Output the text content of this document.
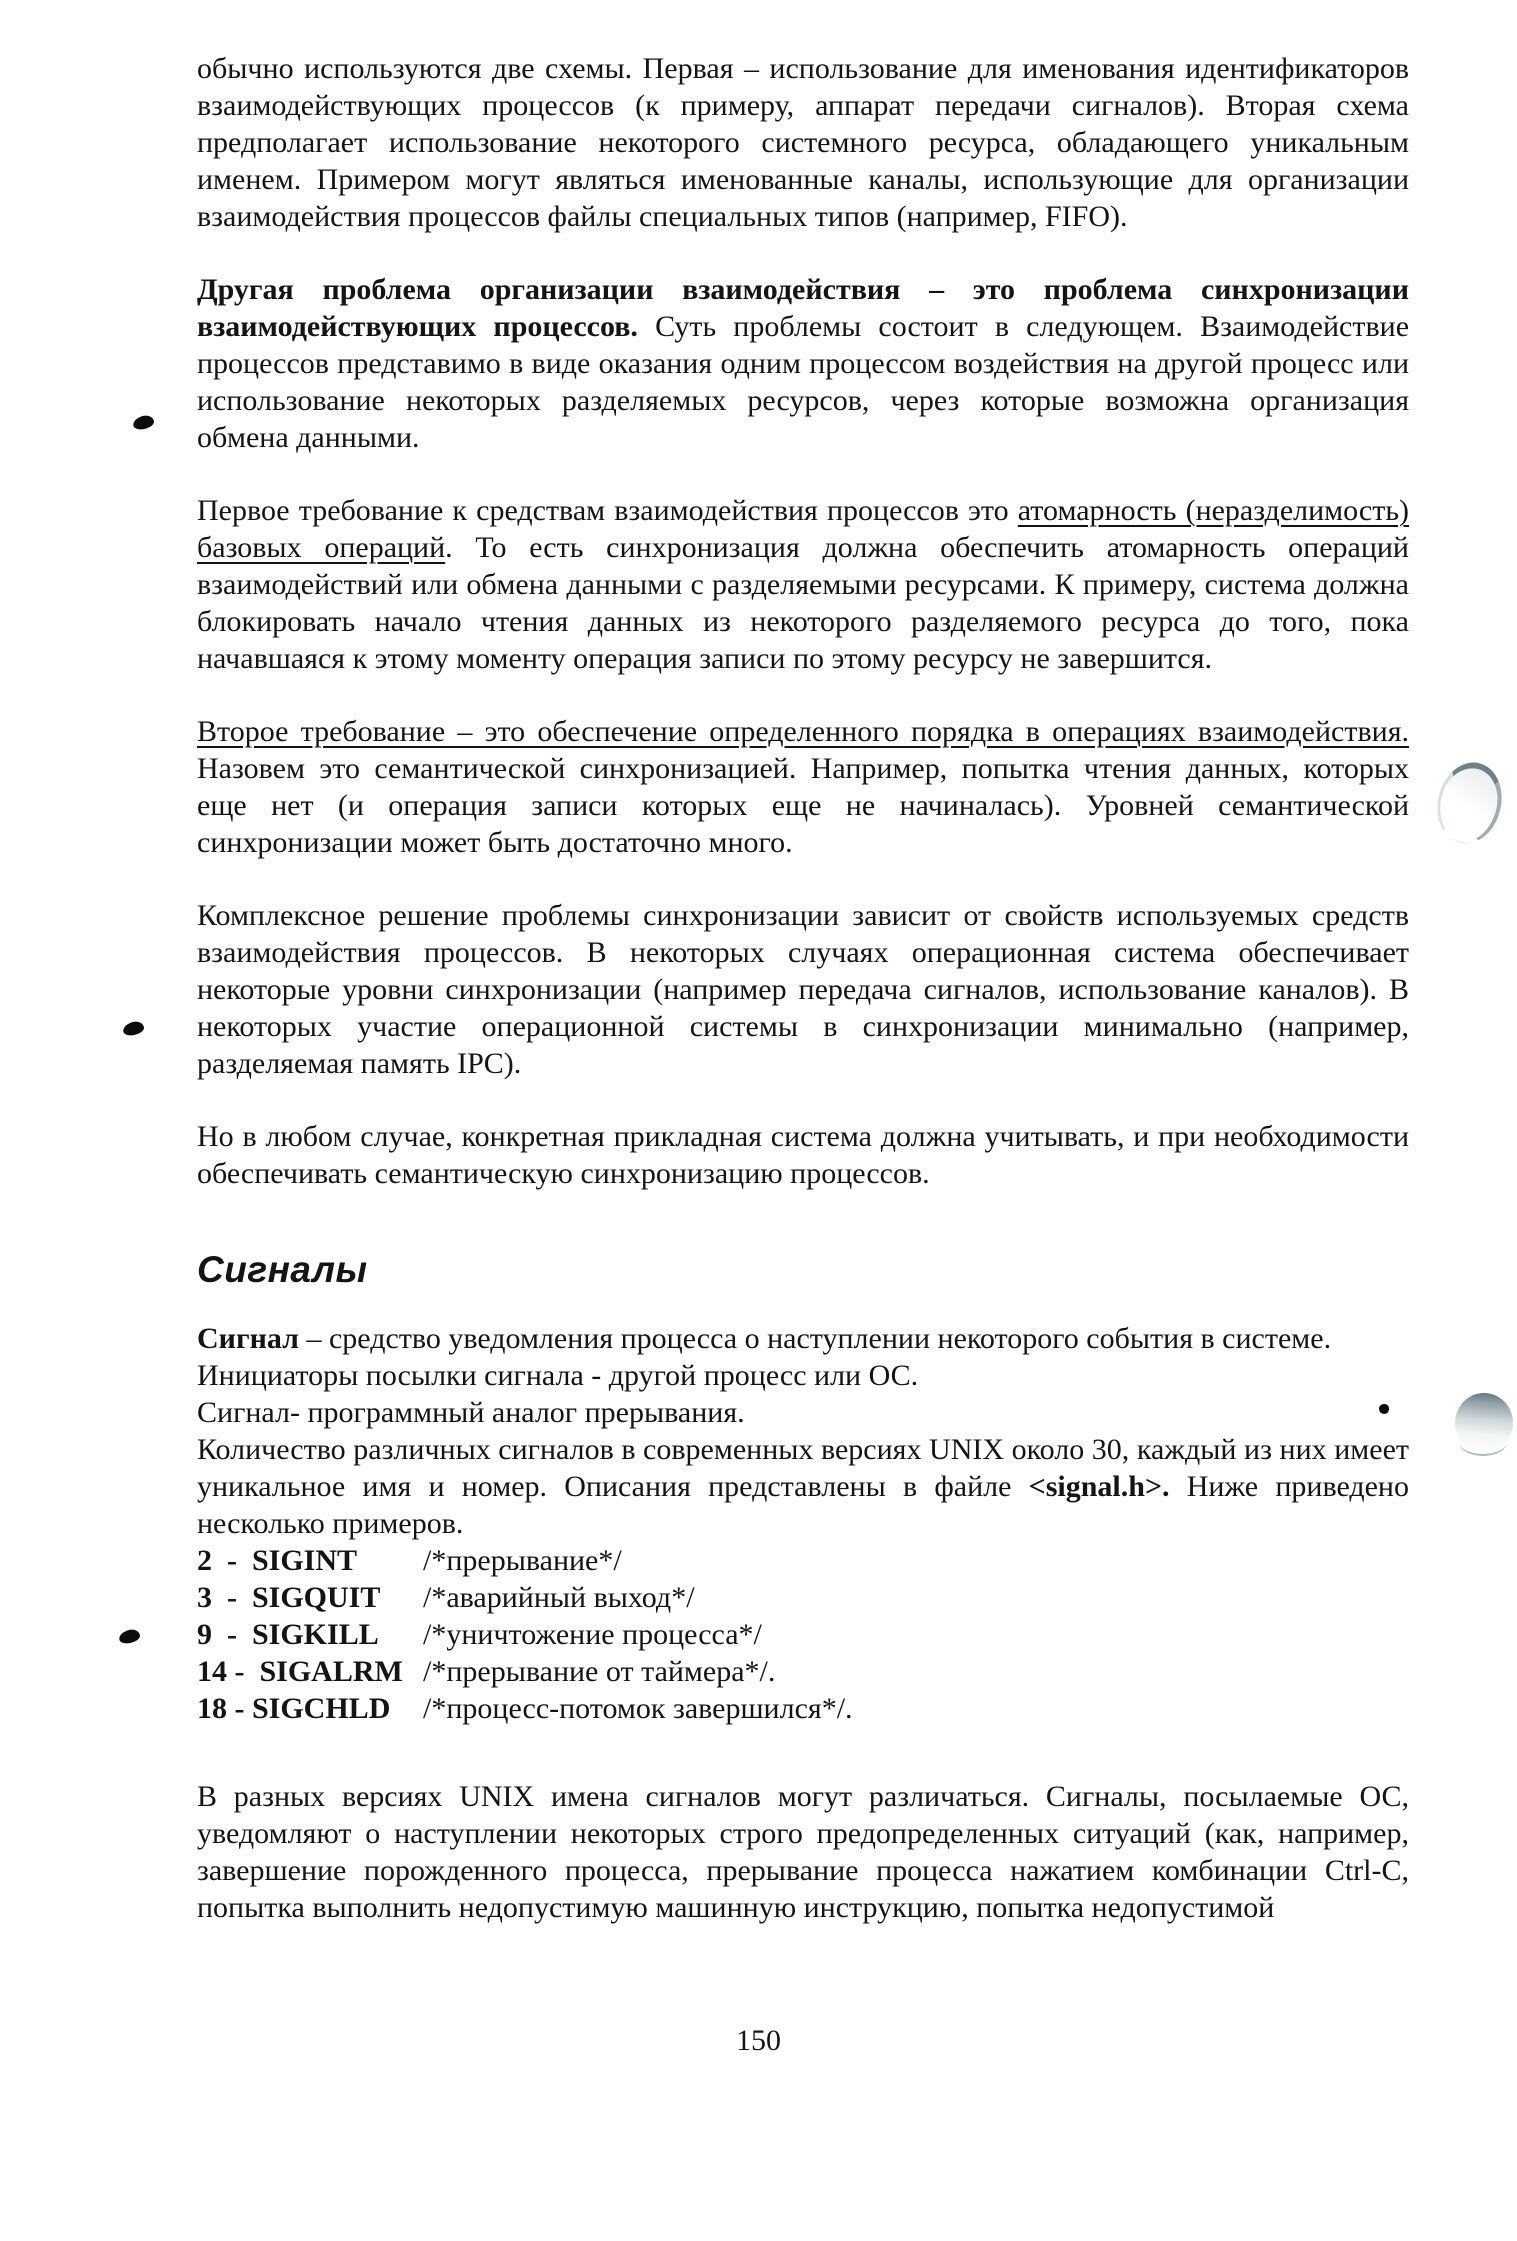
обычно используются две схемы. Первая – использование для именования идентификаторов взаимодействующих процессов (к примеру, аппарат передачи сигналов). Вторая схема предполагает использование некоторого системного ресурса, обладающего уникальным именем. Примером могут являться именованные каналы, использующие для организации взаимодействия процессов файлы специальных типов (например, FIFO).

Другая проблема организации взаимодействия – это проблема синхронизации взаимодействующих процессов. Суть проблемы состоит в следующем. Взаимодействие процессов представимо в виде оказания одним процессом воздействия на другой процесс или использование некоторых разделяемых ресурсов, через которые возможна организация обмена данными.

Первое требование к средствам взаимодействия процессов это атомарность (неразделимость) базовых операций. То есть синхронизация должна обеспечить атомарность операций взаимодействий или обмена данными с разделяемыми ресурсами. К примеру, система должна блокировать начало чтения данных из некоторого разделяемого ресурса до того, пока начавшаяся к этому моменту операция записи по этому ресурсу не завершится.

Второе требование – это обеспечение определенного порядка в операциях взаимодействия. Назовем это семантической синхронизацией. Например, попытка чтения данных, которых еще нет (и операция записи которых еще не начиналась). Уровней семантической синхронизации может быть достаточно много.

Комплексное решение проблемы синхронизации зависит от свойств используемых средств взаимодействия процессов. В некоторых случаях операционная система обеспечивает некоторые уровни синхронизации (например передача сигналов, использование каналов). В некоторых участие операционной системы в синхронизации минимально (например, разделяемая память IPC).

Но в любом случае, конкретная прикладная система должна учитывать, и при необходимости обеспечивать семантическую синхронизацию процессов.

Сигналы

Сигнал – средство уведомления процесса о наступлении некоторого события в системе.

Инициаторы посылки сигнала - другой процесс или ОС.

Сигнал- программный аналог прерывания.

Количество различных сигналов в современных версиях UNIX около 30, каждый из них имеет уникальное имя и номер. Описания представлены в файле <signal.h>. Ниже приведено несколько примеров.

2  -  SIGINT /*прерывание*/

3  -  SIGQUIT /*аварийный выход*/

9  -  SIGKILL /*уничтожение процесса*/

14 -  SIGALRM /*прерывание от таймера*/.

18 - SIGCHLD /*процесс-потомок завершился*/.

В разных версиях UNIX имена сигналов могут различаться. Сигналы, посылаемые ОС, уведомляют о наступлении некоторых строго предопределенных ситуаций (как, например, завершение порожденного процесса, прерывание процесса нажатием комбинации Ctrl-C, попытка выполнить недопустимую машинную инструкцию, попытка недопустимой

150
